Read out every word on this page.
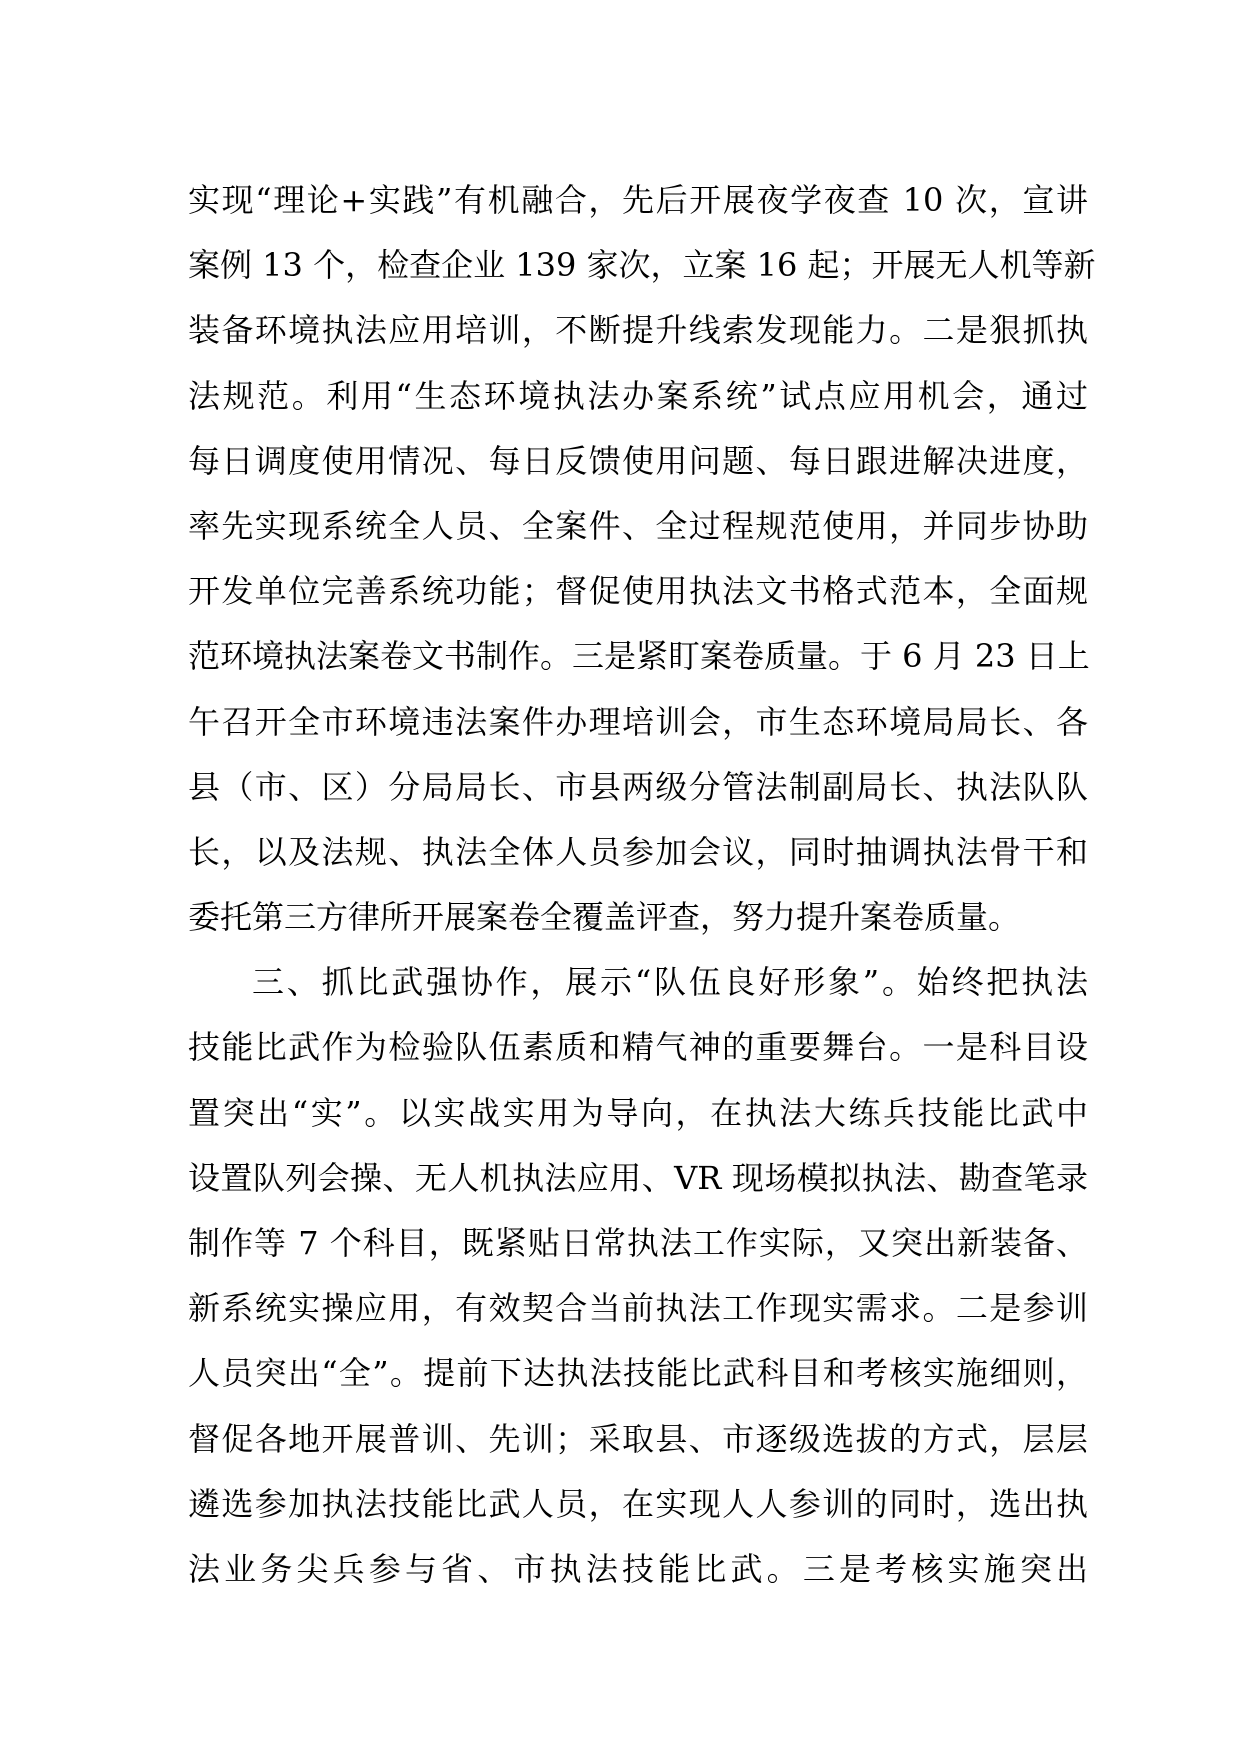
实现“理论+实践”有机融合，先后开展夜学夜查 10 次，宣讲
案例 13 个，检查企业 139 家次，立案 16 起；开展无人机等新
装备环境执法应用培训，不断提升线索发现能力。二是狠抓执
法规范。利用“生态环境执法办案系统”试点应用机会，通过
每日调度使用情况、每日反馈使用问题、每日跟进解决进度，
率先实现系统全人员、全案件、全过程规范使用，并同步协助
开发单位完善系统功能；督促使用执法文书格式范本，全面规
范环境执法案卷文书制作。三是紧盯案卷质量。于 6 月 23 日上
午召开全市环境违法案件办理培训会，市生态环境局局长、各
县（市、区）分局局长、市县两级分管法制副局长、执法队队
长，以及法规、执法全体人员参加会议，同时抽调执法骨干和
委托第三方律所开展案卷全覆盖评查，努力提升案卷质量。
三、抓比武强协作，展示“队伍良好形象”。始终把执法
技能比武作为检验队伍素质和精气神的重要舞台。一是科目设
置突出“实”。以实战实用为导向，在执法大练兵技能比武中
设置队列会操、无人机执法应用、VR 现场模拟执法、勘查笔录
制作等 7 个科目，既紧贴日常执法工作实际，又突出新装备、
新系统实操应用，有效契合当前执法工作现实需求。二是参训
人员突出“全”。提前下达执法技能比武科目和考核实施细则，
督促各地开展普训、先训；采取县、市逐级选拔的方式，层层
遴选参加执法技能比武人员，在实现人人参训的同时，选出执
法业务尖兵参与省、市执法技能比武。三是考核实施突出
